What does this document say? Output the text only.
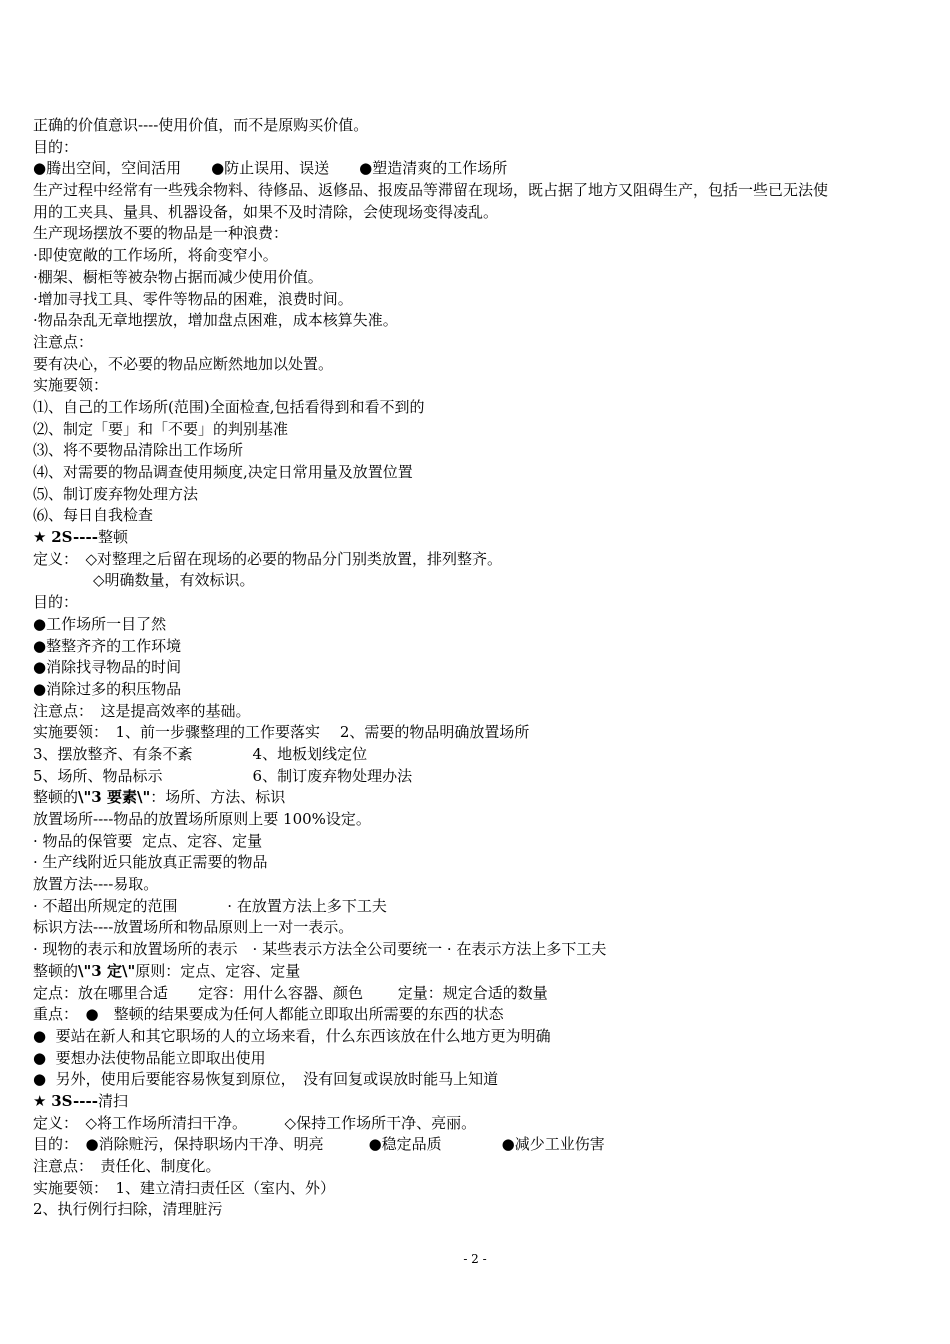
正确的价值意识----使用价值，而不是原购买价值。
目的：
●腾出空间，空间活用　　●防止误用、误送　　●塑造清爽的工作场所
生产过程中经常有一些残余物料、待修品、返修品、报废品等滞留在现场，既占据了地方又阻碍生产，包括一些已无法使
用的工夹具、量具、机器设备，如果不及时清除，会使现场变得凌乱。
生产现场摆放不要的物品是一种浪费：
·即使宽敞的工作场所，将俞变窄小。
·棚架、橱柜等被杂物占据而减少使用价值。
·增加寻找工具、零件等物品的困难，浪费时间。
·物品杂乱无章地摆放，增加盘点困难，成本核算失准。
注意点：
要有决心，不必要的物品应断然地加以处置。
实施要领：
⑴、自己的工作场所(范围)全面检查,包括看得到和看不到的
⑵、制定「要」和「不要」的判别基准
⑶、将不要物品清除出工作场所
⑷、对需要的物品调查使用频度,决定日常用量及放置位置
⑸、制订废弃物处理方法
⑹、每日自我检查
★ 2S----整顿
定义：　◇对整理之后留在现场的必要的物品分门别类放置，排列整齐。
　　　　◇明确数量，有效标识。
目的：
●工作场所一目了然
●整整齐齐的工作环境
●消除找寻物品的时间
●消除过多的积压物品
注意点：　这是提高效率的基础。
实施要领：　1、前一步骤整理的工作要落实　 2、需要的物品明确放置场所
3、摆放整齐、有条不紊　　　　4、地板划线定位
5、场所、物品标示　　　　　　6、制订废弃物处理办法
整顿的\"3 要素\"：场所、方法、标识
放置场所----物品的放置场所原则上要 100%设定。
· 物品的保管要  定点、定容、定量
· 生产线附近只能放真正需要的物品
放置方法----易取。
· 不超出所规定的范围　　　 · 在放置方法上多下工夫
标识方法----放置场所和物品原则上一对一表示。
· 现物的表示和放置场所的表示　· 某些表示方法全公司要统一 · 在表示方法上多下工夫
整顿的\"3 定\"原则：定点、定容、定量
定点：放在哪里合适　　定容：用什么容器、颜色　　 定量：规定合适的数量
重点：　●　整顿的结果要成为任何人都能立即取出所需要的东西的状态
●  要站在新人和其它职场的人的立场来看，什么东西该放在什么地方更为明确
●  要想办法使物品能立即取出使用
●  另外，使用后要能容易恢复到原位，　没有回复或误放时能马上知道
★ 3S----清扫
定义：　◇将工作场所清扫干净。　　　◇保持工作场所干净、亮丽。
目的：　●消除赃污，保持职场内干净、明亮　　　●稳定品质　　　　●减少工业伤害
注意点：　责任化、制度化。
实施要领：　1、建立清扫责任区（室内、外）
2、执行例行扫除，清理脏污
- 2 -
